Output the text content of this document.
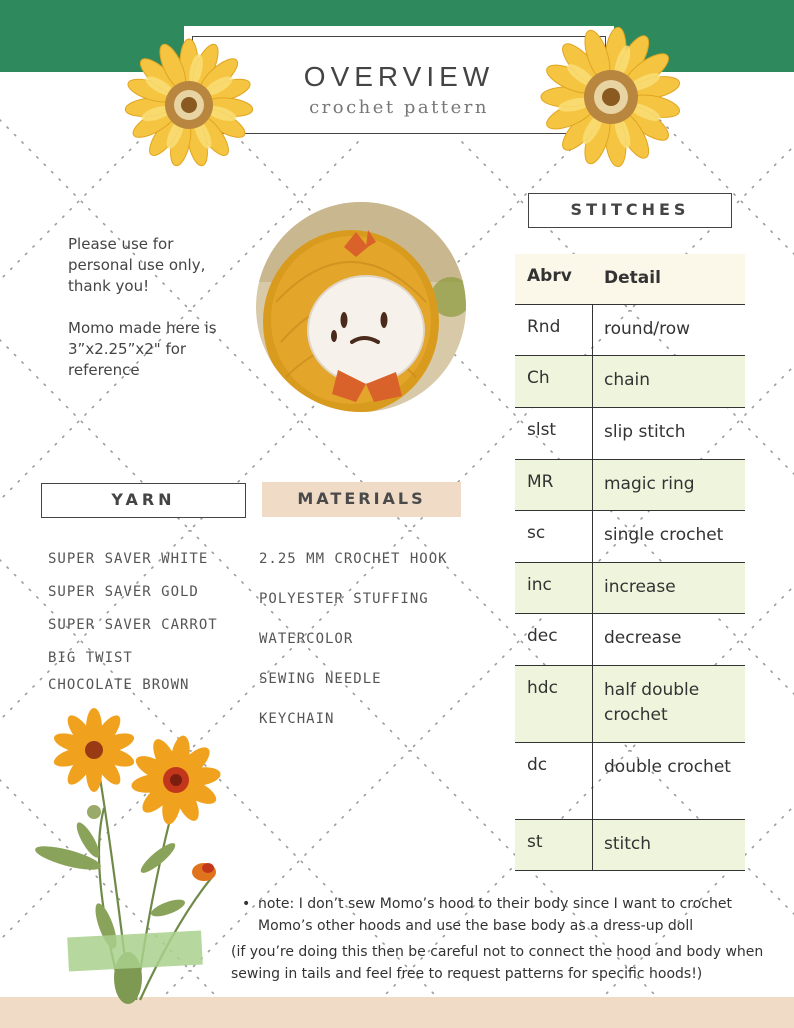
OVERVIEW
crochet pattern

Please use for personal use only, thank you!

Momo made here is 3”x2.25”x2" for reference

STITCHES
Abrv	Detail
Rnd	round/row
Ch	chain
slst	slip stitch
MR	magic ring
sc	single crochet
inc	increase
dec	decrease
hdc	half double crochet
dc	double crochet
st	stitch
YARN	MATERIALS
SUPER SAVER WHITE
SUPER SAVER GOLD
SUPER SAVER CARROT
BIG TWIST
CHOCOLATE BROWN
2.25 MM CROCHET HOOK
POLYESTER STUFFING
WATERCOLOR
SEWING NEEDLE
KEYCHAIN
• note: I don’t sew Momo’s hood to their body since I want to crochet Momo’s other hoods and use the base body as a dress-up doll
(if you’re doing this then be careful not to connect the hood and body when sewing in tails and feel free to request patterns for specific hoods!)
